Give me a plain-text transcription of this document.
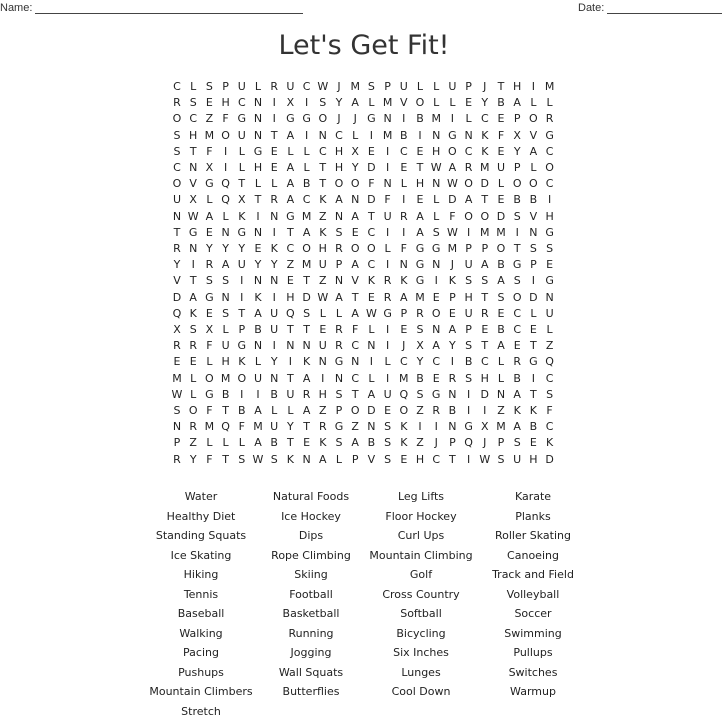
Name:	Date:
Let's Get Fit!
C L S P U L R U C W J M S P U L L U P	J	T H I M
R S E H C N I X I	S Y A L M V O L L E Y B A L L
O C Z F G N I G G O J	J G N I B M I	L C E P O R
S H M O U N T A I N C L	I M B I N G N K F X V G
S T F	I	L G E L L C H X E	I C E H O C K E Y A C
C N X I	L H E A L T H Y D I	E T W A R M U P L O
O V G Q T L L A B T O O F N L H N W O D L O O C
U X L Q X T R A C K A N D F	I	E L D A T E B B I
N W A L K I N G M Z N A T U R A L F O O D S V H
T G E N G N I	T A K S E C I	I A S W I M M I N G
R N Y Y Y E K C O H R O O L F G G M P P O T S S
Y	I R A U Y Y Z M U P A C I N G N J U A B G P E
V T S S	I N N E T Z N V K R K G I K S S A S	I G
D A G N I K I H D W A T E R A M E P H T S O D N
Q K E S T A U Q S L L A W G P R O E U R E C L U
X S X L P B U T T E R F L	I	E S N A P E B C E L
R R F U G N I N N U R C N I	J X A Y S T A E T Z
E E L H K L Y	I K N G N I	L C Y C I B C L R G Q
M L O M O U N T A I N C L	I M B E R S H L B I C
W L G B I	I B U R H S T A U Q S G N I D N A T S
S O F T B A L L A Z P O D E O Z R B I	I Z K K F
N R M Q F M U Y T R G Z N S K I	I N G X M A B C
P Z L L L A B T E K S A B S K Z J	P Q J	P S E K
R Y F T S W S K N A L P V S E H C T	I W S U H D
Water
Healthy Diet
Standing Squats
Ice Skating
Hiking
Tennis
Baseball
Walking
Pacing
Pushups
Mountain Climbers
Stretch
Natural Foods
Ice Hockey
Dips
Rope Climbing
Skiing
Football
Basketball
Running
Jogging
Wall Squats
Butterflies
Leg Lifts
Floor Hockey
Curl Ups
Mountain Climbing
Golf
Cross Country
Softball
Bicycling
Six Inches
Lunges
Cool Down
Karate
Planks
Roller Skating
Canoeing
Track and Field
Volleyball
Soccer
Swimming
Pullups
Switches
Warmup
